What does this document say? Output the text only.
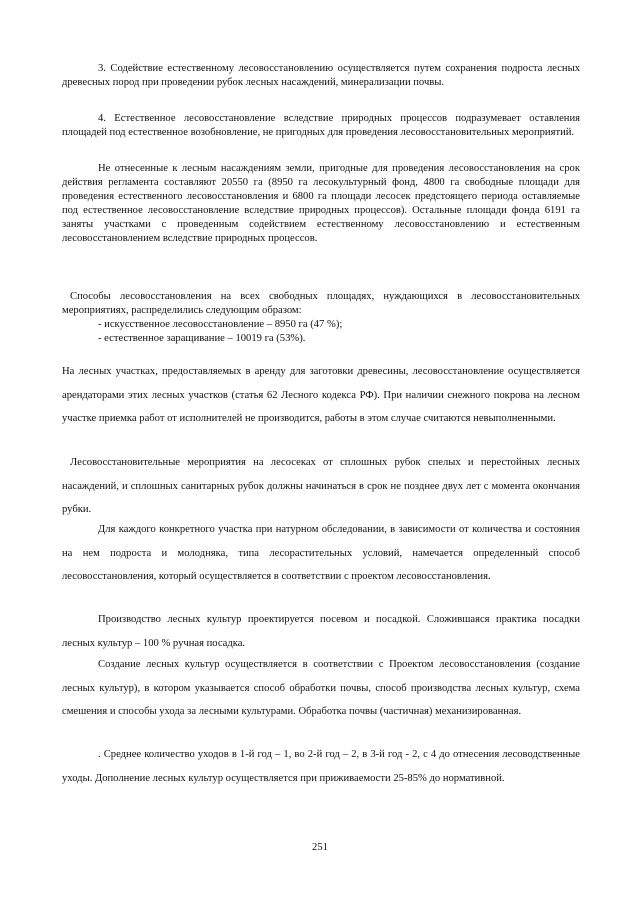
3. Содействие естественному лесовосстановлению осуществляется путем сохранения подроста лесных древесных пород при проведении рубок лесных насаждений, минерализации почвы.

4. Естественное лесовосстановление вследствие природных процессов подразумевает оставления площадей под естественное возобновление, не пригодных для проведения лесовосстановительных мероприятий.

Не отнесенные к лесным насаждениям земли, пригодные для проведения лесовосстановления на срок действия регламента составляют 20550 га (8950 га лесокультурный фонд, 4800 га свободные площади для проведения естественного лесовосстановления и 6800 га площади лесосек предстоящего периода оставляемые под естественное лесовосстановление вследствие природных процессов). Остальные площади фонда 6191 га заняты участками с проведенным содействием естественному лесовосстановлению и естественным лесовосстановлением вследствие природных процессов.

Способы лесовосстановления на всех свободных площадях, нуждающихся в лесовосстановительных мероприятиях, распределились следующим образом:

- искусственное лесовосстановление – 8950 га (47 %);
- естественное заращивание – 10019 га (53%).

На лесных участках, предоставляемых в аренду для заготовки древесины, лесовосстановление осуществляется арендаторами этих лесных участков (статья 62 Лесного кодекса РФ). При наличии снежного покрова на лесном участке приемка работ от исполнителей не производится, работы в этом случае считаются невыполненными.

Лесовосстановительные мероприятия на лесосеках от сплошных рубок спелых и перестойных лесных насаждений, и сплошных санитарных рубок должны начинаться в срок не позднее двух лет с момента окончания рубки.

Для каждого конкретного участка при натурном обследовании, в зависимости от количества и состояния на нем подроста и молодняка, типа лесорастительных условий, намечается определенный способ лесовосстановления, который осуществляется в соответствии с проектом лесовосстановления.

Производство лесных культур проектируется посевом и посадкой. Сложившаяся практика посадки лесных культур – 100 % ручная посадка.

Создание лесных культур осуществляется в соответствии с Проектом лесовосстановления (создание лесных культур), в котором указывается способ обработки почвы, способ производства лесных культур, схема смешения и способы ухода за лесными культурами. Обработка почвы (частичная) механизированная.

. Среднее количество уходов в 1-й год – 1, во 2-й год – 2, в 3-й год - 2, с 4 до отнесения лесоводственные уходы. Дополнение лесных культур осуществляется при приживаемости 25-85% до нормативной.

251
